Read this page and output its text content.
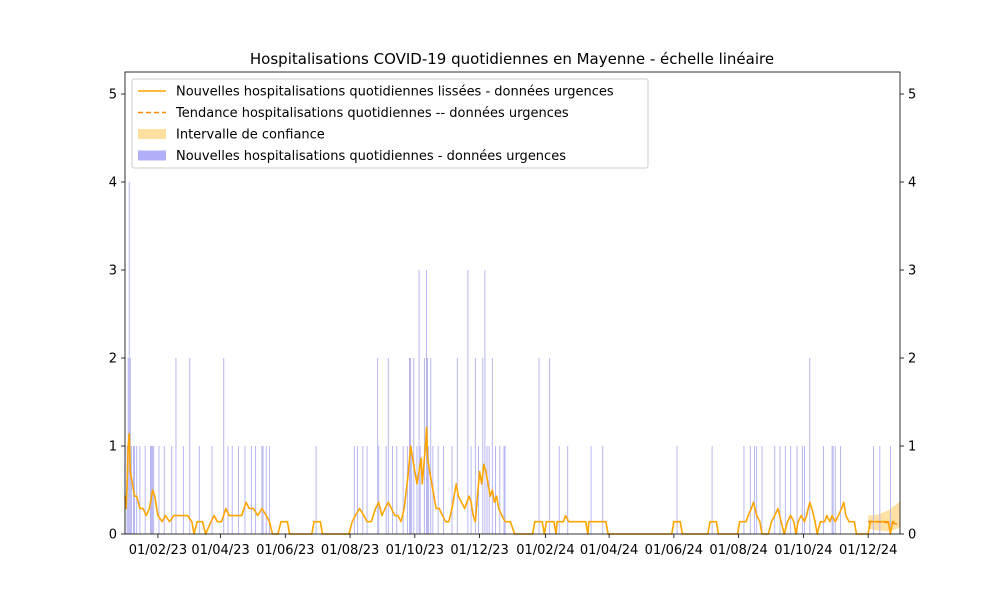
Hospitalisations COVID-19 quotidiennes en Mayenne - échelle linéaire
0	0
1	1
2	2
3	3
4	4
5	5
01/02/23 01/04/23 01/06/23 01/08/23 01/10/23 01/12/23 01/02/24 01/04/24 01/06/24 01/08/24 01/10/24 01/12/24
Nouvelles hospitalisations quotidiennes lissées - données urgences
Tendance hospitalisations quotidiennes -- données urgences
Intervalle de confiance
Nouvelles hospitalisations quotidiennes - données urgences
